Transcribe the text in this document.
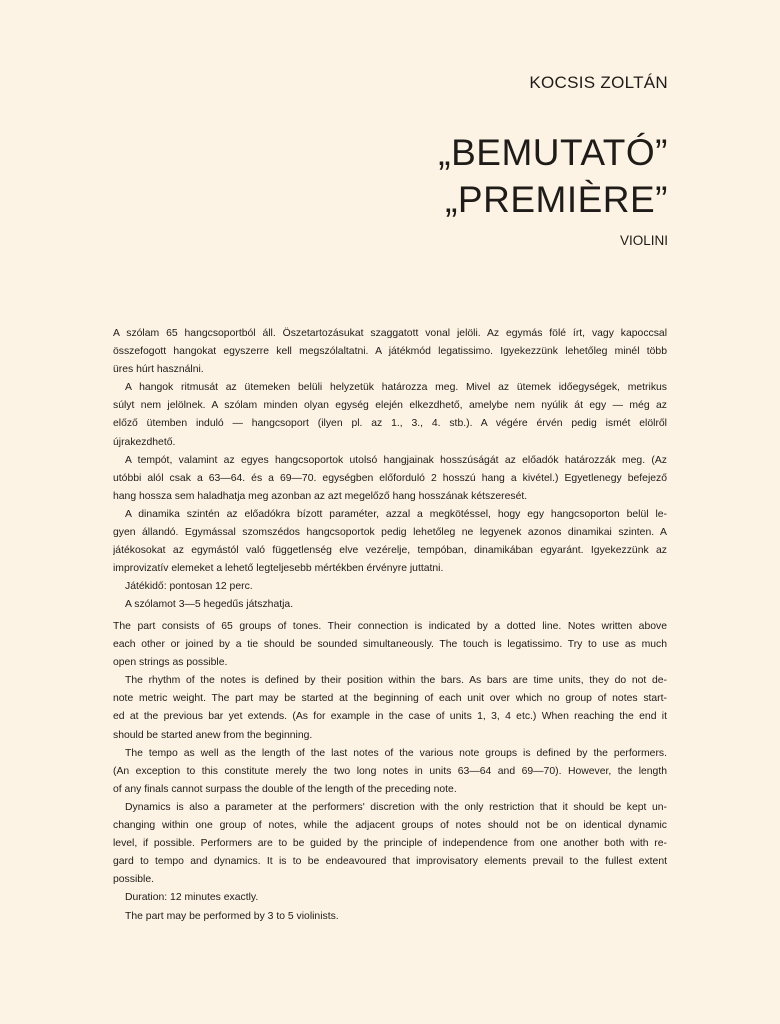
KOCSIS ZOLTÁN
„BEMUTATÓ”
„PREMIÈRE”
VIOLINI
A szólam 65 hangcsoportból áll. Öszetartozásukat szaggatott vonal jelöli. Az egymás fölé írt, vagy kapoccsal
összefogott hangokat egyszerre kell megszólaltatni. A játékmód legatissimo. Igyekezzünk lehetőleg minél több
üres húrt használni.
A hangok ritmusát az ütemeken belüli helyzetük határozza meg. Mivel az ütemek időegységek, metrikus
súlyt nem jelölnek. A szólam minden olyan egység elején elkezdhető, amelybe nem nyúlik át egy — még az
előző ütemben induló — hangcsoport (ilyen pl. az 1., 3., 4. stb.). A végére érvén pedig ismét elölről
újrakezdhető.
A tempót, valamint az egyes hangcsoportok utolsó hangjainak hosszúságát az előadók határozzák meg. (Az
utóbbi alól csak a 63—64. és a 69—70. egységben előforduló 2 hosszú hang a kivétel.) Egyetlenegy befejező
hang hossza sem haladhatja meg azonban az azt megelőző hang hosszának kétszeresét.
A dinamika szintén az előadókra bízott paraméter, azzal a megkötéssel, hogy egy hangcsoporton belül le-
gyen állandó. Egymással szomszédos hangcsoportok pedig lehetőleg ne legyenek azonos dinamikai szinten. A
játékosokat az egymástól való függetlenség elve vezérelje, tempóban, dinamikában egyaránt. Igyekezzünk az
improvizatív elemeket a lehető legteljesebb mértékben érvényre juttatni.
Játékidő: pontosan 12 perc.
A szólamot 3—5 hegedűs játszhatja.
The part consists of 65 groups of tones. Their connection is indicated by a dotted line. Notes written above
each other or joined by a tie should be sounded simultaneously. The touch is legatissimo. Try to use as much
open strings as possible.
The rhythm of the notes is defined by their position within the bars. As bars are time units, they do not de-
note metric weight. The part may be started at the beginning of each unit over which no group of notes start-
ed at the previous bar yet extends. (As for example in the case of units 1, 3, 4 etc.) When reaching the end it
should be started anew from the beginning.
The tempo as well as the length of the last notes of the various note groups is defined by the performers.
(An exception to this constitute merely the two long notes in units 63—64 and 69—70). However, the length
of any finals cannot surpass the double of the length of the preceding note.
Dynamics is also a parameter at the performers' discretion with the only restriction that it should be kept un-
changing within one group of notes, while the adjacent groups of notes should not be on identical dynamic
level, if possible. Performers are to be guided by the principle of independence from one another both with re-
gard to tempo and dynamics. It is to be endeavoured that improvisatory elements prevail to the fullest extent
possible.
Duration: 12 minutes exactly.
The part may be performed by 3 to 5 violinists.
